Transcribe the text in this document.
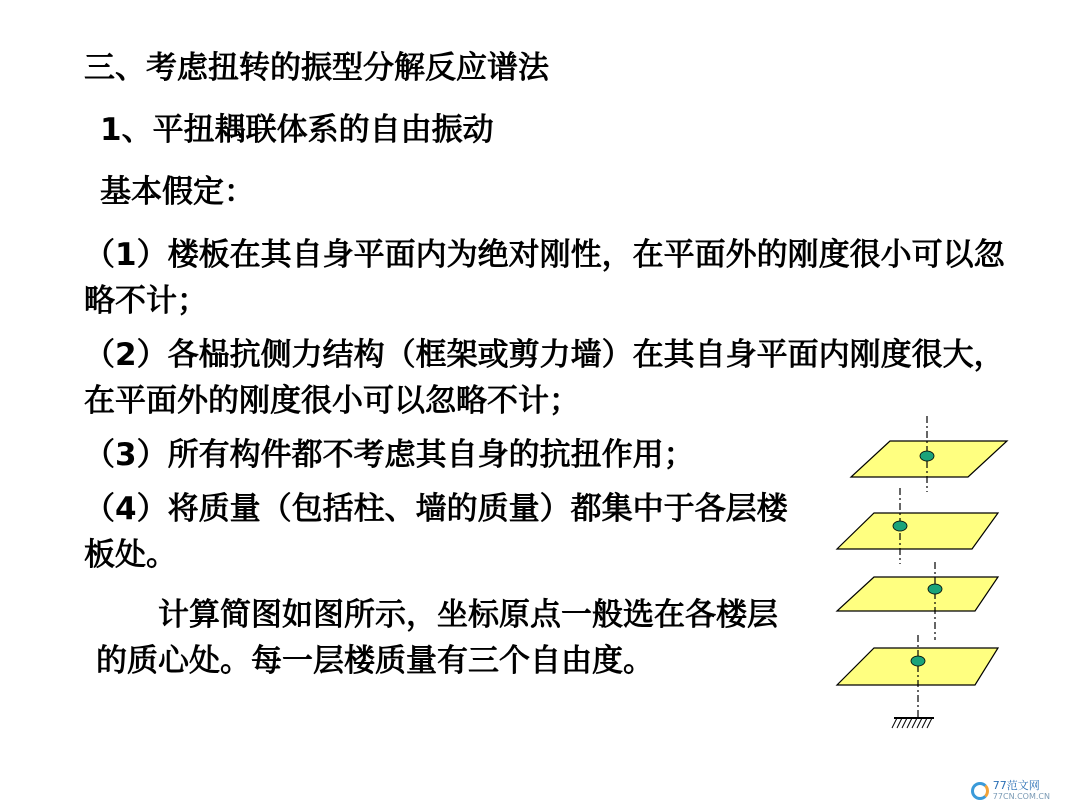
三、考虑扭转的振型分解反应谱法
1、平扭耦联体系的自由振动
基本假定：

（1）楼板在其自身平面内为绝对刚性，在平面外的刚度很小可以忽略不计；

（2）各榀抗侧力结构（框架或剪力墙）在其自身平面内刚度很大，在平面外的刚度很小可以忽略不计；

（3）所有构件都不考虑其自身的抗扭作用；

（4）将质量（包括柱、墙的质量）都集中于各层楼板处。

计算简图如图所示，坐标原点一般选在各楼层的质心处。每一层楼质量有三个自由度。

77范文网
77CN.COM.CN
